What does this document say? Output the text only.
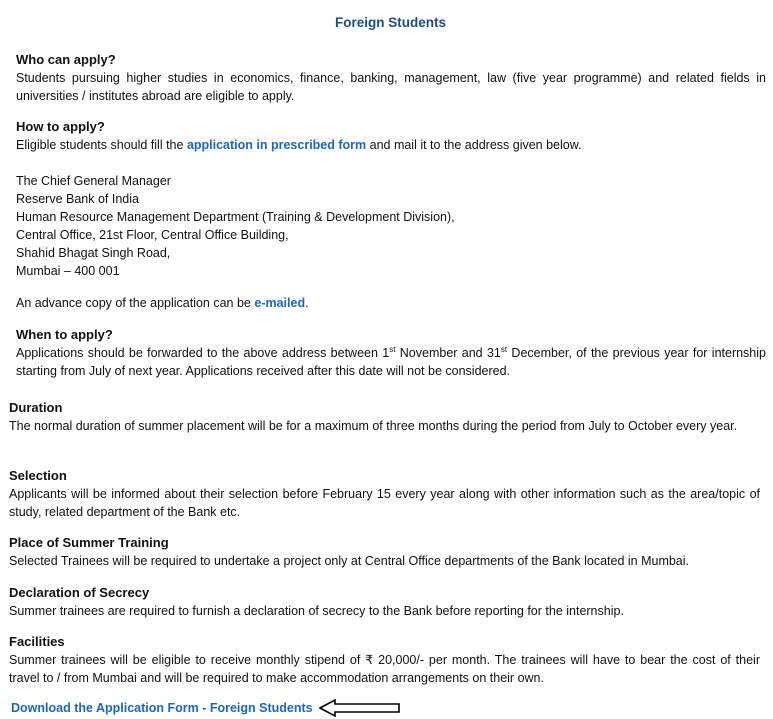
Foreign Students

Who can apply?

Students pursuing higher studies in economics, finance, banking, management, law (five year programme) and related fields in universities / institutes abroad are eligible to apply.

How to apply?

Eligible students should fill the application in prescribed form and mail it to the address given below.

The Chief General Manager

Reserve Bank of India

Human Resource Management Department (Training & Development Division),

Central Office, 21st Floor, Central Office Building,

Shahid Bhagat Singh Road,

Mumbai – 400 001

An advance copy of the application can be e-mailed.

When to apply?

Applications should be forwarded to the above address between 1st November and 31st December, of the previous year for internship starting from July of next year. Applications received after this date will not be considered.

Duration

The normal duration of summer placement will be for a maximum of three months during the period from July to October every year.

Selection

Applicants will be informed about their selection before February 15 every year along with other information such as the area/topic of study, related department of the Bank etc.

Place of Summer Training

Selected Trainees will be required to undertake a project only at Central Office departments of the Bank located in Mumbai.

Declaration of Secrecy

Summer trainees are required to furnish a declaration of secrecy to the Bank before reporting for the internship.

Facilities

Summer trainees will be eligible to receive monthly stipend of ₹ 20,000/- per month. The trainees will have to bear the cost of their travel to / from Mumbai and will be required to make accommodation arrangements on their own.

Download the Application Form - Foreign Students
